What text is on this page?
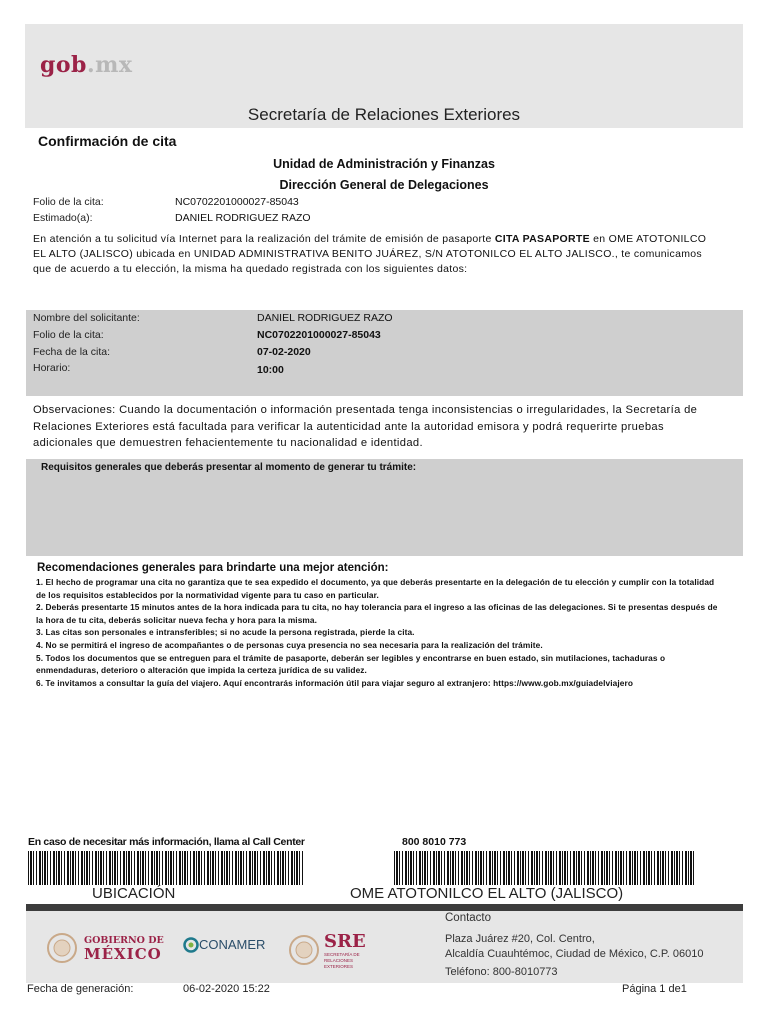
gob.mx
Secretaría de Relaciones Exteriores
Confirmación de cita
Unidad de Administración y Finanzas
Dirección General de Delegaciones
Folio de la cita:	NC0702201000027-85043
Estimado(a):	DANIEL RODRIGUEZ RAZO
En atención a tu solicitud vía Internet para la realización del trámite de emisión de pasaporte CITA PASAPORTE en OME ATOTONILCO EL ALTO (JALISCO) ubicada en UNIDAD ADMINISTRATIVA BENITO JUÁREZ, S/N ATOTONILCO EL ALTO JALISCO., te comunicamos que de acuerdo a tu elección, la misma ha quedado registrada con los siguientes datos:
Nombre del solicitante:	DANIEL RODRIGUEZ RAZO
Folio de la cita:	NC0702201000027-85043
Fecha de la cita:	07-02-2020
Horario:	10:00
Observaciones: Cuando la documentación o información presentada tenga inconsistencias o irregularidades, la Secretaría de Relaciones Exteriores está facultada para verificar la autenticidad ante la autoridad emisora y podrá requerirte pruebas adicionales que demuestren fehacientemente tu nacionalidad e identidad.
Requisitos generales que deberás presentar al momento de generar tu trámite:
Recomendaciones generales para brindarte una mejor atención:
1. El hecho de programar una cita no garantiza que te sea expedido el documento, ya que deberás presentarte en la delegación de tu elección y cumplir con la totalidad de los requisitos establecidos por la normatividad vigente para tu caso en particular.
2. Deberás presentarte 15 minutos antes de la hora indicada para tu cita, no hay tolerancia para el ingreso a las oficinas de las delegaciones. Si te presentas después de la hora de tu cita, deberás solicitar nueva fecha y hora para la misma.
3. Las citas son personales e intransferibles; si no acude la persona registrada, pierde la cita.
4. No se permitirá el ingreso de acompañantes o de personas cuya presencia no sea necesaria para la realización del trámite.
5. Todos los documentos que se entreguen para el trámite de pasaporte, deberán ser legibles y encontrarse en buen estado, sin mutilaciones, tachaduras o enmendaduras, deterioro o alteración que impida la certeza jurídica de su validez.
6. Te invitamos a consultar la guía del viajero. Aquí encontrarás información útil para viajar seguro al extranjero: https://www.gob.mx/guiadelviajero
En caso de necesitar más información, llama al Call Center	800 8010 773
UBICACIÓN	OME ATOTONILCO EL ALTO (JALISCO)
GOBIERNO DE
MÉXICO
CONAMER	SRE
SECRETARÍA DE
RELACIONES
EXTERIORES
Contacto
Plaza Juárez #20, Col. Centro,
Alcaldía Cuauhtémoc, Ciudad de México, C.P. 06010
Teléfono: 800-8010773
Fecha de generación:	06-02-2020 15:22	Página 1 de1
